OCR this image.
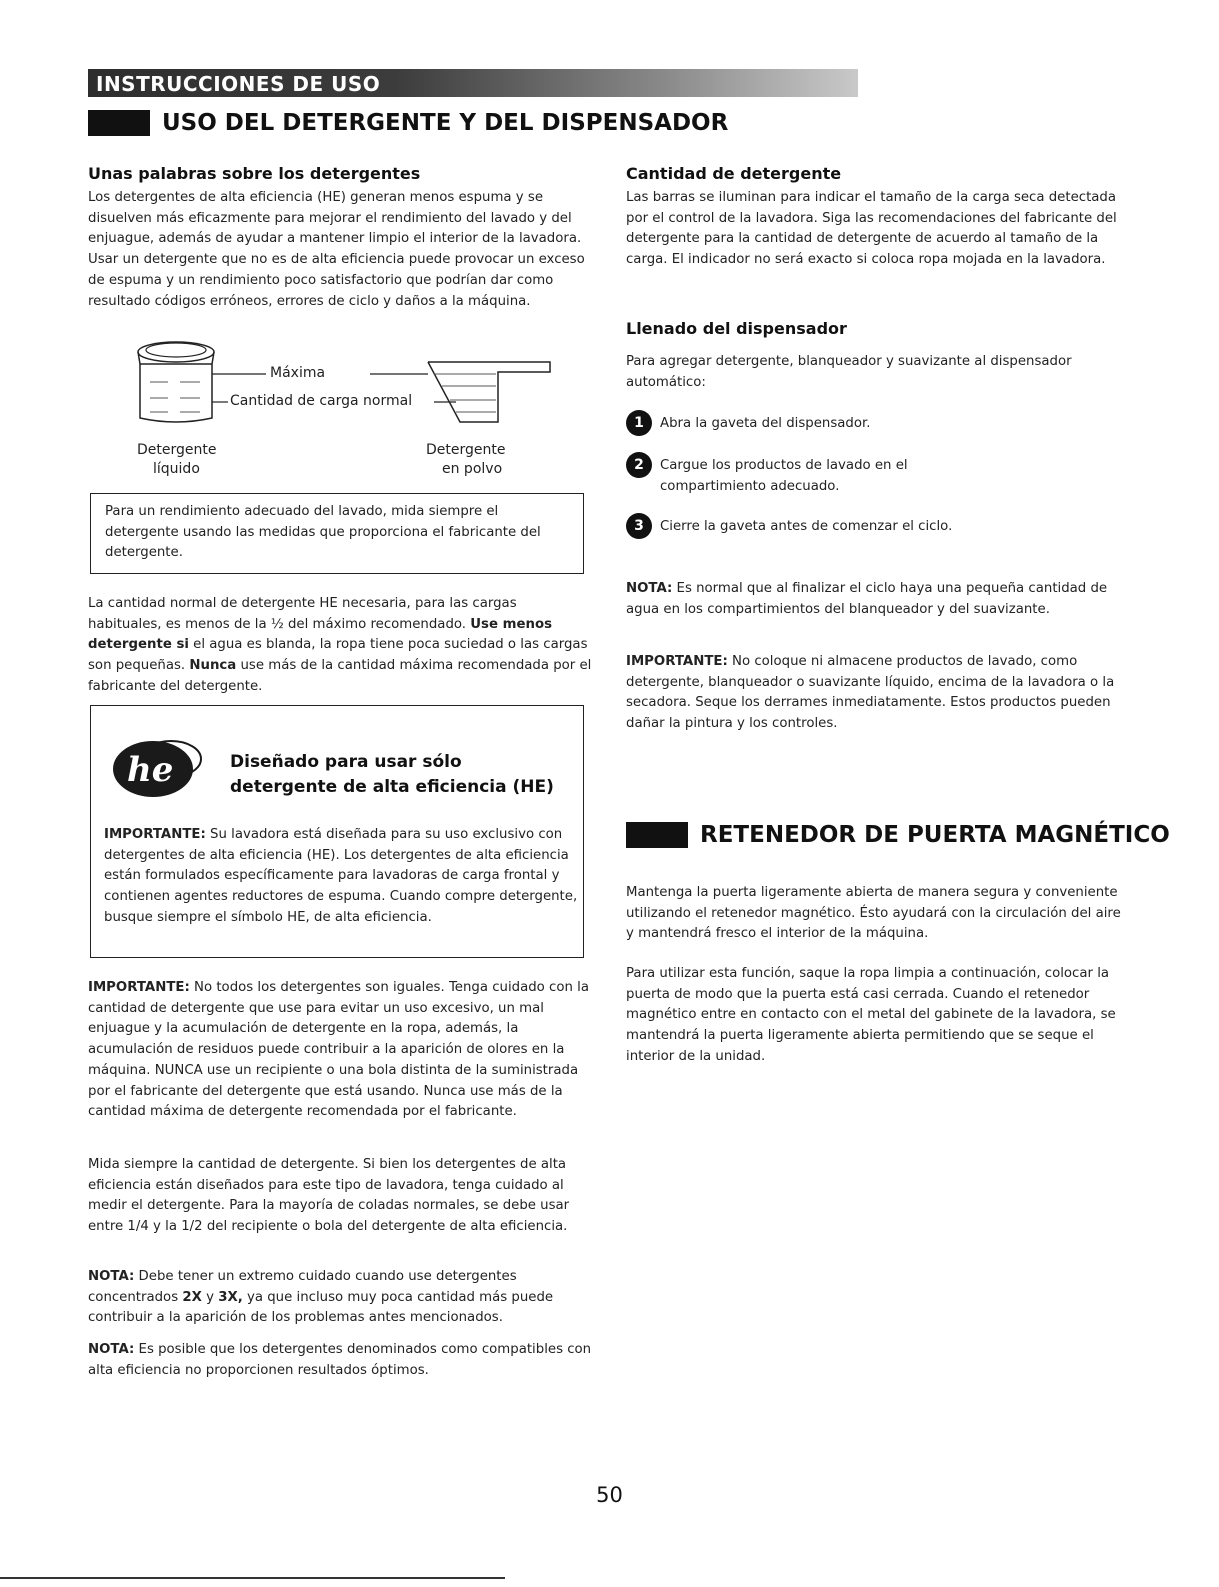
INSTRUCCIONES DE USO
USO DEL DETERGENTE Y DEL DISPENSADOR
Unas palabras sobre los detergentes

Los detergentes de alta eficiencia (HE) generan menos espuma y se disuelven más eficazmente para mejorar el rendimiento del lavado y del enjuague, además de ayudar a mantener limpio el interior de la lavadora. Usar un detergente que no es de alta eficiencia puede provocar un exceso de espuma y un rendimiento poco satisfactorio que podrían dar como resultado códigos erróneos, errores de ciclo y daños a la máquina.

Máxima
Cantidad de carga normal
Detergente
líquido
Detergente
en polvo

Para un rendimiento adecuado del lavado, mida siempre el detergente usando las medidas que proporciona el fabricante del detergente.

La cantidad normal de detergente HE necesaria, para las cargas habituales, es menos de la ½ del máximo recomendado. Use menos detergente si el agua es blanda, la ropa tiene poca suciedad o las cargas son pequeñas. Nunca use más de la cantidad máxima recomendada por el fabricante del detergente.

he	Diseñado para usar sólo
detergente de alta eficiencia (HE)

IMPORTANTE: Su lavadora está diseñada para su uso exclusivo con detergentes de alta eficiencia (HE). Los detergentes de alta eficiencia están formulados específicamente para lavadoras de carga frontal y contienen agentes reductores de espuma. Cuando compre detergente, busque siempre el símbolo HE, de alta eficiencia.

IMPORTANTE: No todos los detergentes son iguales. Tenga cuidado con la cantidad de detergente que use para evitar un uso excesivo, un mal enjuague y la acumulación de detergente en la ropa, además, la acumulación de residuos puede contribuir a la aparición de olores en la máquina. NUNCA use un recipiente o una bola distinta de la suministrada por el fabricante del detergente que está usando. Nunca use más de la cantidad máxima de detergente recomendada por el fabricante.

Mida siempre la cantidad de detergente. Si bien los detergentes de alta eficiencia están diseñados para este tipo de lavadora, tenga cuidado al medir el detergente. Para la mayoría de coladas normales, se debe usar entre 1/4 y la 1/2 del recipiente o bola del detergente de alta eficiencia.

NOTA: Debe tener un extremo cuidado cuando use detergentes concentrados 2X y 3X, ya que incluso muy poca cantidad más puede contribuir a la aparición de los problemas antes mencionados.

NOTA: Es posible que los detergentes denominados como compatibles con alta eficiencia no proporcionen resultados óptimos.

Cantidad de detergente

Las barras se iluminan para indicar el tamaño de la carga seca detectada por el control de la lavadora. Siga las recomendaciones del fabricante del detergente para la cantidad de detergente de acuerdo al tamaño de la carga. El indicador no será exacto si coloca ropa mojada en la lavadora.

Llenado del dispensador

Para agregar detergente, blanqueador y suavizante al dispensador automático:

1	Abra la gaveta del dispensador.
2	Cargue los productos de lavado en el compartimiento adecuado.
3	Cierre la gaveta antes de comenzar el ciclo.

NOTA: Es normal que al finalizar el ciclo haya una pequeña cantidad de agua en los compartimientos del blanqueador y del suavizante.

IMPORTANTE: No coloque ni almacene productos de lavado, como detergente, blanqueador o suavizante líquido, encima de la lavadora o la secadora. Seque los derrames inmediatamente. Estos productos pueden dañar la pintura y los controles.

RETENEDOR DE PUERTA MAGNÉTICO

Mantenga la puerta ligeramente abierta de manera segura y conveniente utilizando el retenedor magnético. Ésto ayudará con la circulación del aire y mantendrá fresco el interior de la máquina.

Para utilizar esta función, saque la ropa limpia a continuación, colocar la puerta de modo que la puerta está casi cerrada. Cuando el retenedor magnético entre en contacto con el metal del gabinete de la lavadora, se mantendrá la puerta ligeramente abierta permitiendo que se seque el interior de la unidad.

50
